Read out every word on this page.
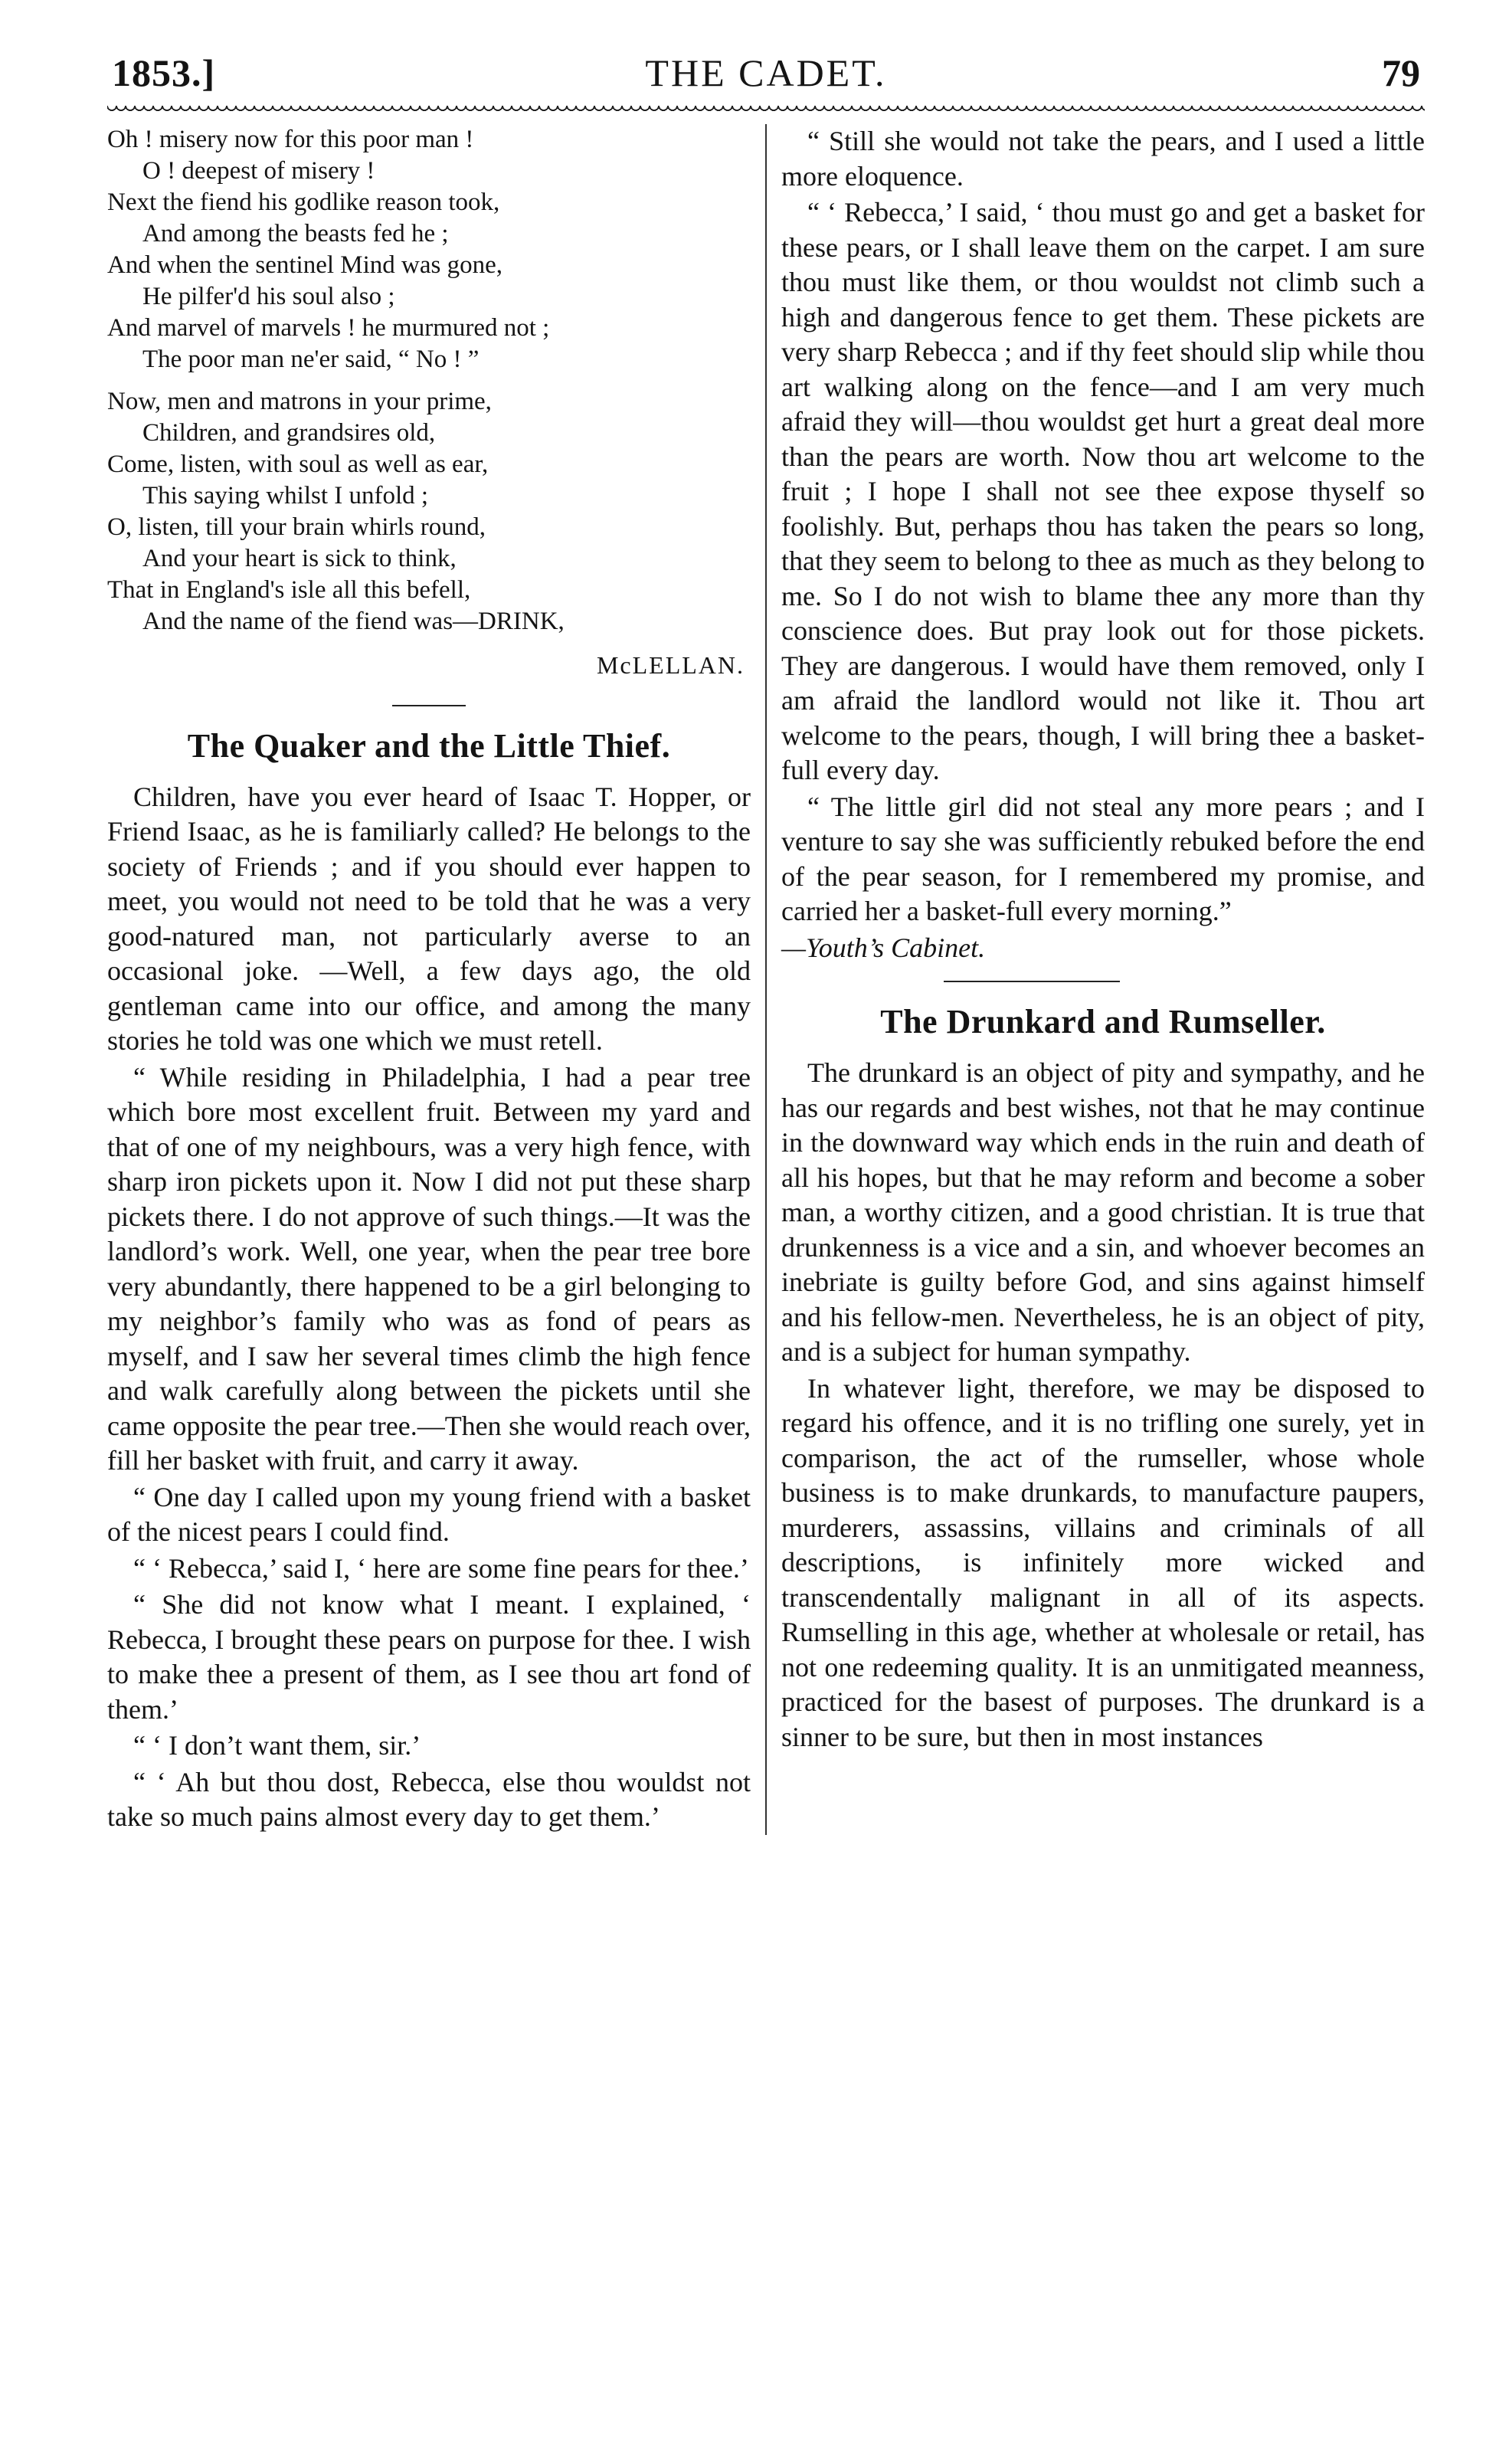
1853.]	THE CADET.	79
Oh ! misery now for this poor man !
O ! deepest of misery !
Next the fiend his godlike reason took,
And among the beasts fed he ;
And when the sentinel Mind was gone,
He pilfer'd his soul also ;
And marvel of marvels ! he murmured not ;
The poor man ne'er said, “ No ! ”
Now, men and matrons in your prime,
Children, and grandsires old,
Come, listen, with soul as well as ear,
This saying whilst I unfold ;
O, listen, till your brain whirls round,
And your heart is sick to think,
That in England's isle all this befell,
And the name of the fiend was—DRINK,
McLELLAN.
The Quaker and the Little Thief.

Children, have you ever heard of Isaac T. Hopper, or Friend Isaac, as he is familiarly called? He belongs to the society of Friends ; and if you should ever happen to meet, you would not need to be told that he was a very good-natured man, not particularly averse to an occasional joke. —Well, a few days ago, the old gentleman came into our office, and among the many stories he told was one which we must retell.

“ While residing in Philadelphia, I had a pear tree which bore most excellent fruit. Between my yard and that of one of my neighbours, was a very high fence, with sharp iron pickets upon it. Now I did not put these sharp pickets there. I do not approve of such things.—It was the landlord’s work. Well, one year, when the pear tree bore very abundantly, there happened to be a girl belonging to my neighbor’s family who was as fond of pears as myself, and I saw her several times climb the high fence and walk carefully along between the pickets until she came opposite the pear tree.—Then she would reach over, fill her basket with fruit, and carry it away.

“ One day I called upon my young friend with a basket of the nicest pears I could find.

“ ‘ Rebecca,’ said I, ‘ here are some fine pears for thee.’

“ She did not know what I meant. I explained, ‘ Rebecca, I brought these pears on purpose for thee. I wish to make thee a present of them, as I see thou art fond of them.’

“ ‘ I don’t want them, sir.’

“ ‘ Ah but thou dost, Rebecca, else thou wouldst not take so much pains almost every day to get them.’

“ Still she would not take the pears, and I used a little more eloquence.

“ ‘ Rebecca,’ I said, ‘ thou must go and get a basket for these pears, or I shall leave them on the carpet. I am sure thou must like them, or thou wouldst not climb such a high and dangerous fence to get them. These pickets are very sharp Rebecca ; and if thy feet should slip while thou art walking along on the fence—and I am very much afraid they will—thou wouldst get hurt a great deal more than the pears are worth. Now thou art welcome to the fruit ; I hope I shall not see thee expose thyself so foolishly. But, perhaps thou has taken the pears so long, that they seem to belong to thee as much as they belong to me. So I do not wish to blame thee any more than thy conscience does. But pray look out for those pickets. They are dangerous. I would have them removed, only I am afraid the landlord would not like it. Thou art welcome to the pears, though, I will bring thee a basket-full every day.

“ The little girl did not steal any more pears ; and I venture to say she was sufficiently rebuked before the end of the pear season, for I remembered my promise, and carried her a basket-full every morning.”

—Youth’s Cabinet.

The Drunkard and Rumseller.

The drunkard is an object of pity and sympathy, and he has our regards and best wishes, not that he may continue in the downward way which ends in the ruin and death of all his hopes, but that he may reform and become a sober man, a worthy citizen, and a good christian. It is true that drunkenness is a vice and a sin, and whoever becomes an inebriate is guilty before God, and sins against himself and his fellow-men. Nevertheless, he is an object of pity, and is a subject for human sympathy.

In whatever light, therefore, we may be disposed to regard his offence, and it is no trifling one surely, yet in comparison, the act of the rumseller, whose whole business is to make drunkards, to manufacture paupers, murderers, assassins, villains and criminals of all descriptions, is infinitely more wicked and transcendentally malignant in all of its aspects. Rumselling in this age, whether at wholesale or retail, has not one redeeming quality. It is an unmitigated meanness, practiced for the basest of purposes. The drunkard is a sinner to be sure, but then in most instances
